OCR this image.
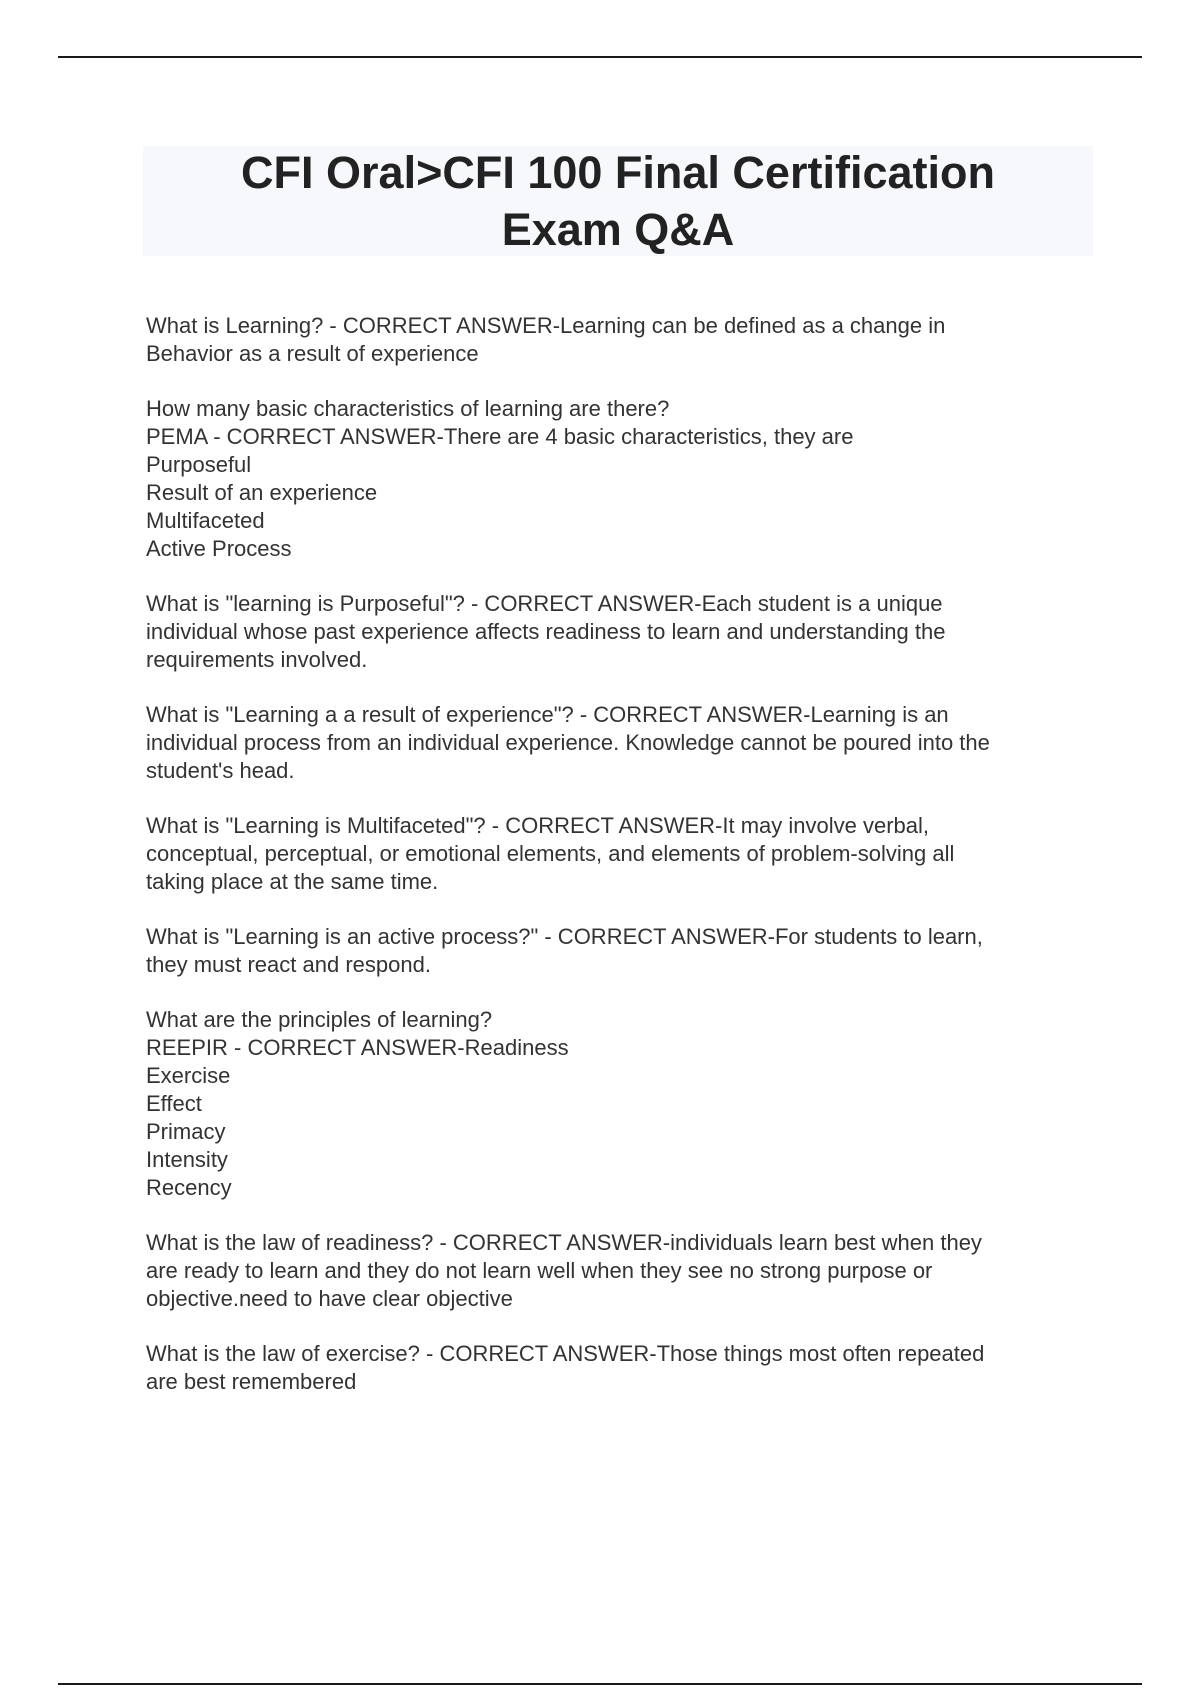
CFI Oral>CFI 100 Final Certification
Exam Q&A
What is Learning? - CORRECT ANSWER-Learning can be defined as a change in
Behavior as a result of experience
How many basic characteristics of learning are there?
PEMA - CORRECT ANSWER-There are 4 basic characteristics, they are
Purposeful
Result of an experience
Multifaceted
Active Process
What is "learning is Purposeful"? - CORRECT ANSWER-Each student is a unique
individual whose past experience affects readiness to learn and understanding the
requirements involved.
What is "Learning a a result of experience"? - CORRECT ANSWER-Learning is an
individual process from an individual experience. Knowledge cannot be poured into the
student's head.
What is "Learning is Multifaceted"? - CORRECT ANSWER-It may involve verbal,
conceptual, perceptual, or emotional elements, and elements of problem-solving all
taking place at the same time.
What is "Learning is an active process?" - CORRECT ANSWER-For students to learn,
they must react and respond.
What are the principles of learning?
REEPIR - CORRECT ANSWER-Readiness
Exercise
Effect
Primacy
Intensity
Recency
What is the law of readiness? - CORRECT ANSWER-individuals learn best when they
are ready to learn and they do not learn well when they see no strong purpose or
objective.need to have clear objective
What is the law of exercise? - CORRECT ANSWER-Those things most often repeated
are best remembered
